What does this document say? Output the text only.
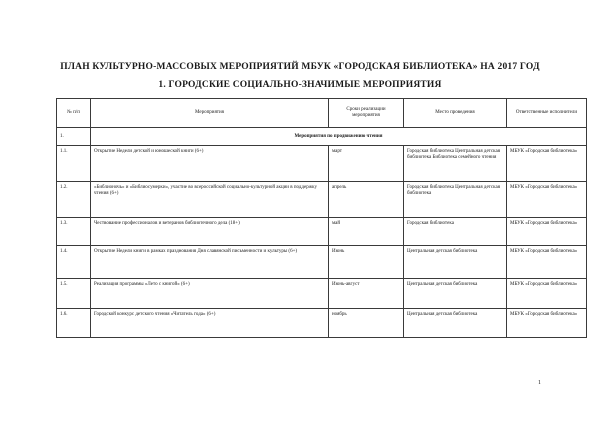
ПЛАН КУЛЬТУРНО-МАССОВЫХ МЕРОПРИЯТИЙ МБУК «ГОРОДСКАЯ БИБЛИОТЕКА» НА 2017 ГОД
1. ГОРОДСКИЕ СОЦИАЛЬНО-ЗНАЧИМЫЕ МЕРОПРИЯТИЯ
№ п/п	Мероприятия	Сроки реализации мероприятия	Место проведения	Ответственные исполнители
1.	Мероприятия по продвижению чтения			
1.1.	Открытие Недели детской и юношеской книги (6+)	март	Городская библиотека Центральная детская библиотека Библиотека семейного чтения	МБУК «Городская библиотека»
1.2.	«Библионочь» и «Библиосумерки», участие во всероссийской социально-культурной акции в поддержку чтения (6+)	апрель	Городская библиотека Центральная детская библиотека	МБУК «Городская библиотека»
1.3.	Чествование профессионалов и ветеранов библиотечного дела (18+)	май	Городская библиотека	МБУК «Городская библиотека»
1.4.	Открытие Недели книги в рамках празднования Дня славянской письменности и культуры (6+)	Июнь	Центральная детская библиотека	МБУК «Городская библиотека»
1.5.	Реализация программы «Лето с книгой» (6+)	Июнь-август	Центральная детская библиотека	МБУК «Городская библиотека»
1.6.	Городской конкурс детского чтения «Читатель года» (6+)	ноябрь	Центральная детская библиотека	МБУК «Городская библиотека»
1
